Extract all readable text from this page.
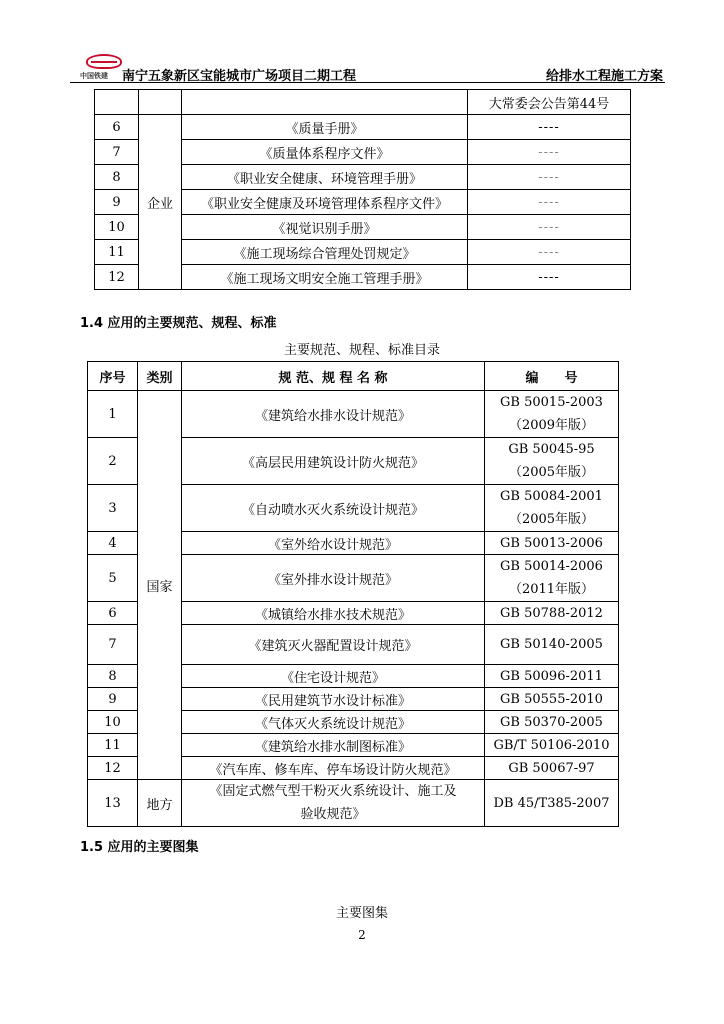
中国铁建 南宁五象新区宝能城市广场项目二期工程	给排水工程施工方案
			大常委会公告第44号
6	企业	《质量手册》	----
7		《质量体系程序文件》	----
8		《职业安全健康、环境管理手册》	----
9		《职业安全健康及环境管理体系程序文件》	----
10		《视觉识别手册》	----
11		《施工现场综合管理处罚规定》	----
12		《施工现场文明安全施工管理手册》	----
1.4 应用的主要规范、规程、标准
主要规范、规程、标准目录
序号	类别	规 范、规 程 名 称	编　　号
1	国家	《建筑给水排水设计规范》	GB 50015-2003
（2009年版）

2		《高层民用建筑设计防火规范》	GB 50045-95
（2005年版）

3		《自动喷水灭火系统设计规范》	GB 50084-2001
（2005年版）

4		《室外给水设计规范》	GB 50013-2006
5		《室外排水设计规范》	GB 50014-2006
（2011年版）

6		《城镇给水排水技术规范》	GB 50788-2012
7		《建筑灭火器配置设计规范》	GB 50140-2005
8		《住宅设计规范》	GB 50096-2011
9		《民用建筑节水设计标准》	GB 50555-2010
10		《气体灭火系统设计规范》	GB 50370-2005
11		《建筑给水排水制图标准》	GB/T 50106-2010
12		《汽车库、修车库、停车场设计防火规范》	GB 50067-97
13	地方	《固定式燃气型干粉灭火系统设计、施工及
验收规范》	DB 45/T385-2007
1.5 应用的主要图集
主要图集
2
